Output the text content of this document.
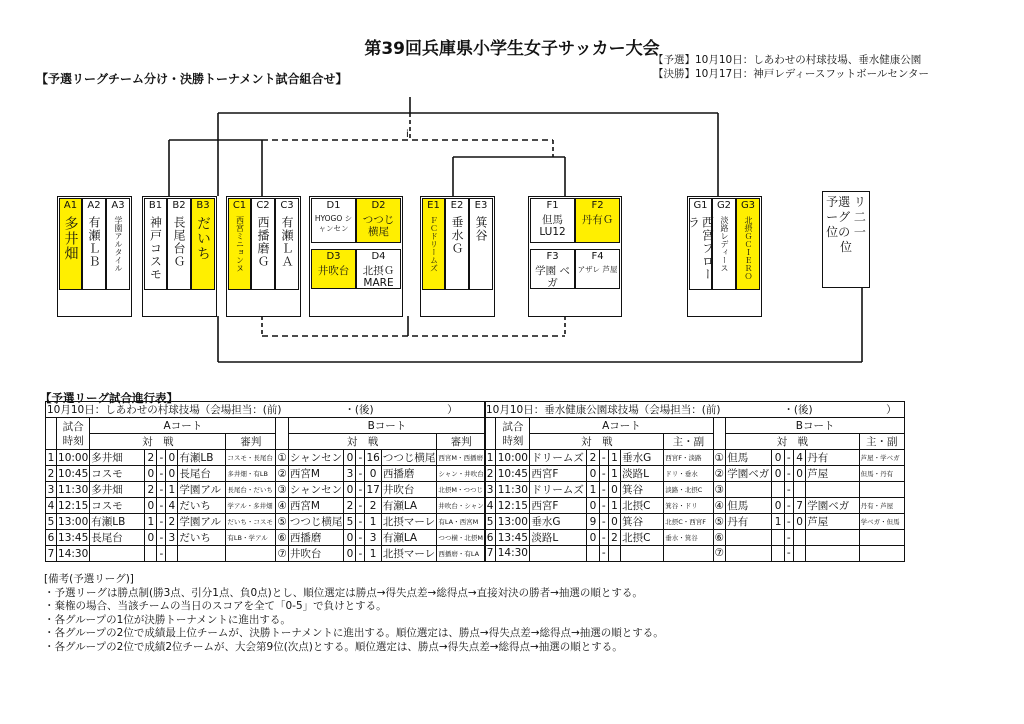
第39回兵庫県小学生女子サッカー大会
【予選】10月10日：しあわせの村球技場、垂水健康公園
【決勝】10月17日：神戸レディースフットボールセンター
【予選リーグチーム分け・決勝トーナメント試合組合せ】
i
A1
多井畑
A2
有瀬ＬＢ
A3
学園アルタイル
B1
神戸コスモ
B2
長尾台Ｇ
B3
だいち
C1
西宮ミニョンヌ
C2
西播磨Ｇ
C3
有瀬ＬＡ
D1
HYOGO シャンセン
D2
つつじ 横尾
D3
井吹台
D4
北摂Ｇ MARE
E1
ＦＣドリームズ
E2
垂水Ｇ
E3
箕谷
F1
但馬 LU12
F2
丹有Ｇ
F3
学園 ベガ
F4
アザレ 芦屋
G1
西宮フローラ
G2
淡路レディース
G3
北摂ＧＣＩＥＲＯ
予選 リーグ 二位の 一位
【予選リーグ試合進行表】
10月10日：しあわせの村球技場（会場担当：(前)　　　　　　・(後)　　　　　　　）														
	試合 時刻	Aコート							Bコート					
		対　戦					審判		対　戦					審判
1	10:00	多井畑	2	-	0	有瀬LB	コスモ・長尾台	①	シャンセン	0	-	16	つつじ横尾	西宮M・西播磨
2	10:45	コスモ	0	-	0	長尾台	多井畑・有LB	②	西宮M	3	-	0	西播磨	シャン・井吹台
3	11:30	多井畑	2	-	1	学園アル	長尾台・だいち	③	シャンセン	0	-	17	井吹台	北摂M・つつじ
4	12:15	コスモ	0	-	4	だいち	学アル・多井畑	④	西宮M	2	-	2	有瀬LA	井吹台・シャン
5	13:00	有瀬LB	1	-	2	学園アル	だいち・コスモ	⑤	つつじ横尾	5	-	1	北摂マーレ	有LA・西宮M
6	13:45	長尾台	0	-	3	だいち	有LB・学アル	⑥	西播磨	0	-	3	有瀬LA	つつ横・北摂M
7	14:30			-				⑦	井吹台	0	-	1	北摂マーレ	西播磨・有LA
10月10日：垂水健康公園球技場（会場担当：(前)　　　　　　・(後)　　　　　　　）														
	試合 時刻	Aコート							Bコート					
		対　戦					主・副		対　戦					主・副
1	10:00	ドリームズ	2	-	1	垂水G	西宮F・淡路	①	但馬	0	-	4	丹有	芦屋・学ベガ
2	10:45	西宮F	0	-	1	淡路L	ドリ・垂水	②	学園ベガ	0	-	0	芦屋	但馬・丹有
3	11:30	ドリームズ	1	-	0	箕谷	淡路・北摂C	③			-			
4	12:15	西宮F	0	-	1	北摂C	箕谷・ドリ	④	但馬	0	-	7	学園ベガ	丹有・芦屋
5	13:00	垂水G	9	-	0	箕谷	北摂C・西宮F	⑤	丹有	1	-	0	芦屋	学ベガ・但馬
6	13:45	淡路L	0	-	2	北摂C	垂水・箕谷	⑥			-			
7	14:30			-				⑦			-			
[備考(予選リーグ)]
・予選リーグは勝点制(勝3点、引分1点、負0点)とし、順位選定は勝点→得失点差→総得点→直接対決の勝者→抽選の順とする。
・棄権の場合、当該チームの当日のスコアを全て「0-5」で負けとする。
・各グループの1位が決勝トーナメントに進出する。
・各グループの2位で成績最上位チームが、決勝トーナメントに進出する。順位選定は、勝点→得失点差→総得点→抽選の順とする。
・各グループの2位で成績2位チームが、大会第9位(次点)とする。順位選定は、勝点→得失点差→総得点→抽選の順とする。
